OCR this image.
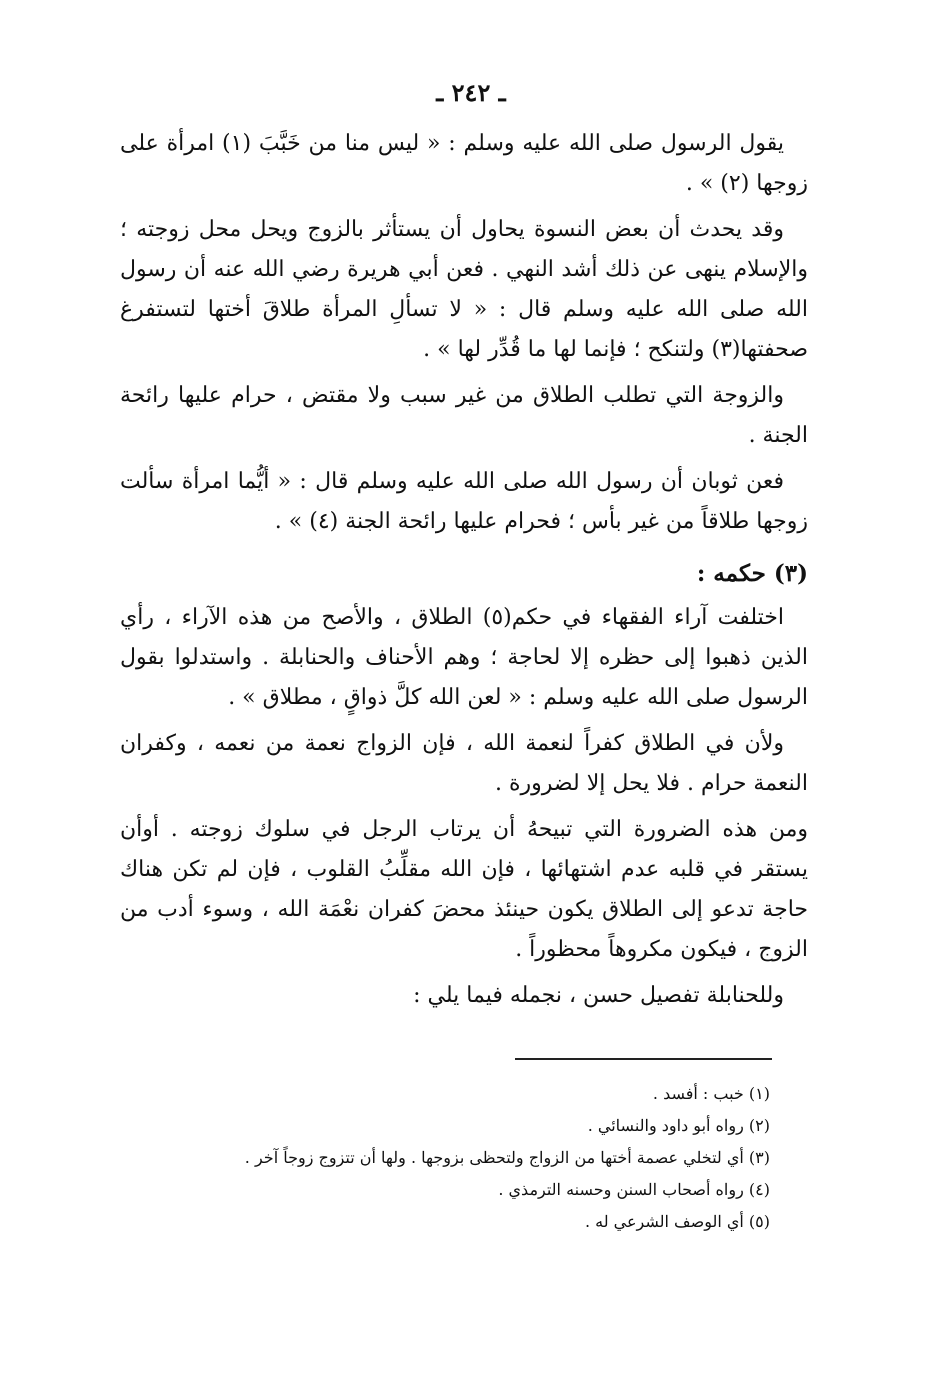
ـ ٢٤٢ ـ

يقول الرسول صلى الله عليه وسلم : « ليس منا من خَبَّبَ (١) امرأة على زوجها (٢) » .

وقد يحدث أن بعض النسوة يحاول أن يستأثر بالزوج ويحل محل زوجته ؛ والإسلام ينهى عن ذلك أشد النهي . فعن أبي هريرة رضي الله عنه أن رسول الله صلى الله عليه وسلم قال : « لا تسألِ المرأة طلاقَ أختها لتستفرغ صحفتها(٣) ولتنكح ؛ فإنما لها ما قُدِّر لها » .

والزوجة التي تطلب الطلاق من غير سبب ولا مقتض ، حرام عليها رائحة الجنة .

فعن ثوبان أن رسول الله صلى الله عليه وسلم قال : « أيُّما امرأة سألت زوجها طلاقاً من غير بأس ؛ فحرام عليها رائحة الجنة (٤) » .

(٣) حكمه :

اختلفت آراء الفقهاء في حكم(٥) الطلاق ، والأصح من هذه الآراء ، رأي الذين ذهبوا إلى حظره إلا لحاجة ؛ وهم الأحناف والحنابلة . واستدلوا بقول الرسول صلى الله عليه وسلم : « لعن الله كلَّ ذواقٍ ، مطلاق » .

ولأن في الطلاق كفراً لنعمة الله ، فإن الزواج نعمة من نعمه ، وكفران النعمة حرام . فلا يحل إلا لضرورة .

ومن هذه الضرورة التي تبيحهُ أن يرتاب الرجل في سلوك زوجته . أوأن يستقر في قلبه عدم اشتهائها ، فإن الله مقلِّبُ القلوب ، فإن لم تكن هناك حاجة تدعو إلى الطلاق يكون حينئذ محضَ كفران نعْمَة الله ، وسوء أدب من الزوج ، فيكون مكروهاً محظوراً .

وللحنابلة تفصيل حسن ، نجمله فيما يلي :

(١) خبب : أفسد .

(٢) رواه أبو داود والنسائي .

(٣) أي لتخلي عصمة أختها من الزواج ولتحظى بزوجها . ولها أن تتزوج زوجاً آخر .

(٤) رواه أصحاب السنن وحسنه الترمذي .

(٥) أي الوصف الشرعي له .
